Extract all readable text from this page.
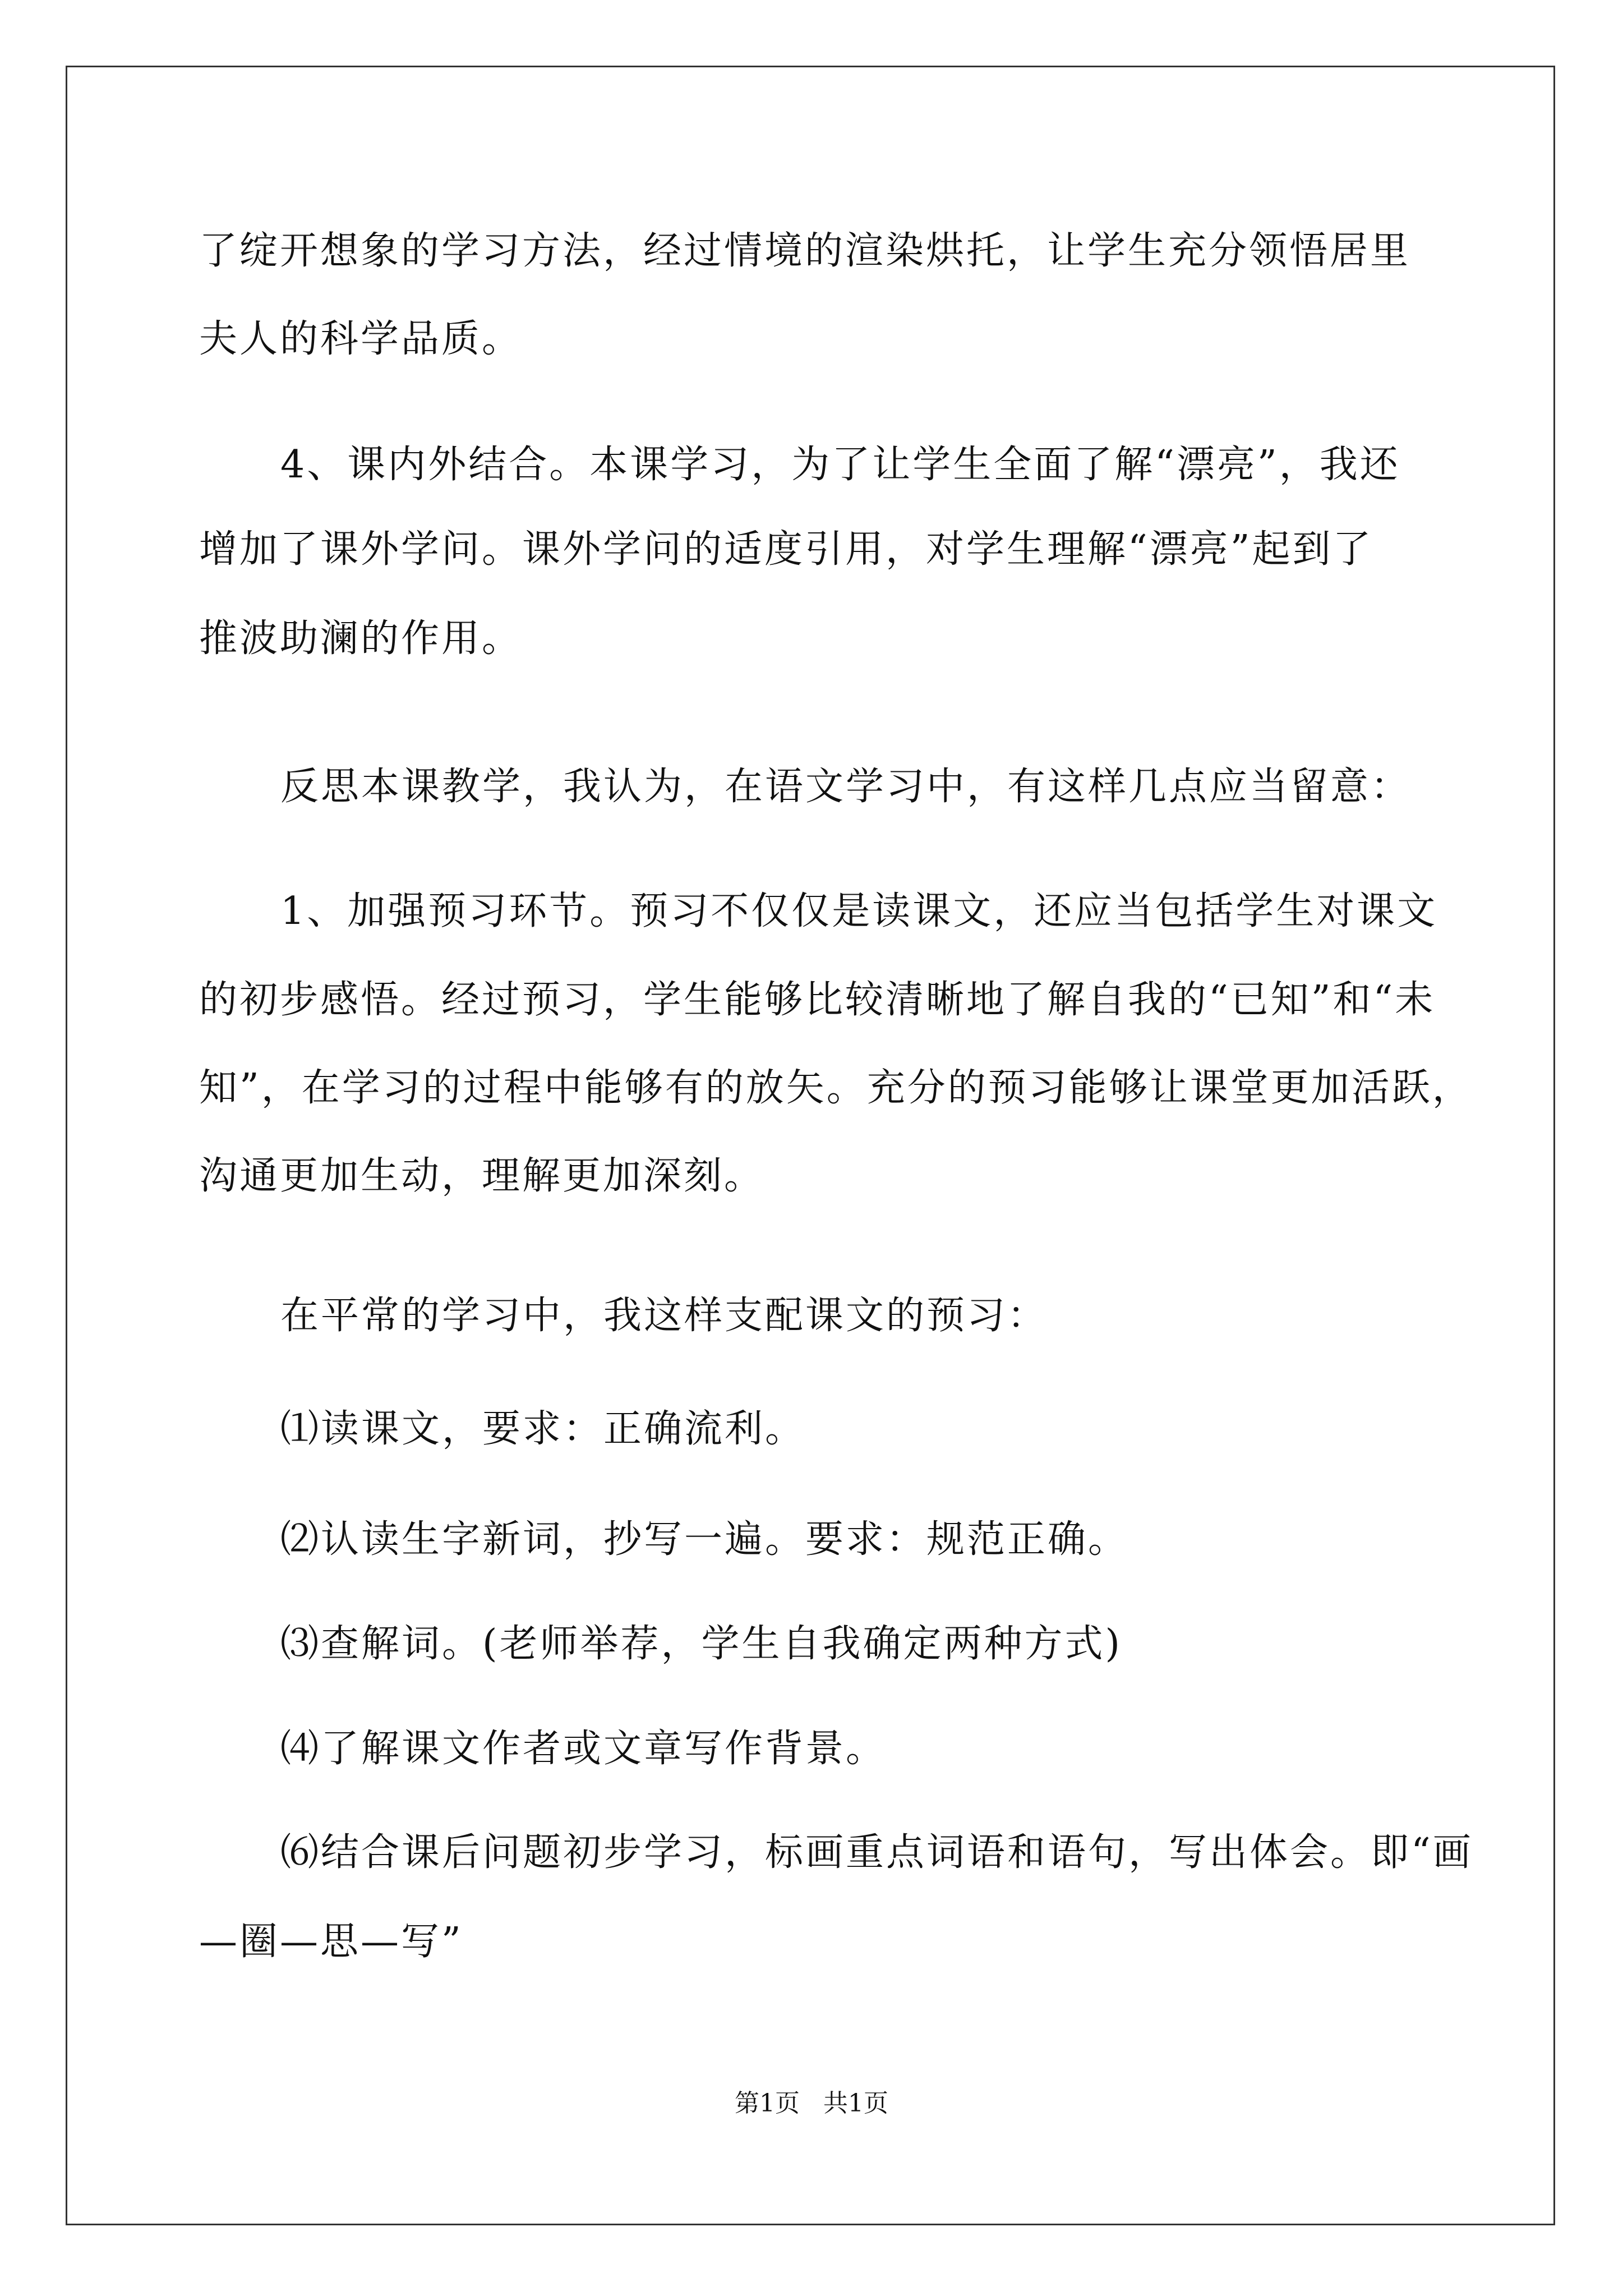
了绽开想象的学习方法，经过情境的渲染烘托，让学生充分领悟居里
夫人的科学品质。
4、课内外结合。本课学习，为了让学生全面了解“漂亮”，我还
增加了课外学问。课外学问的适度引用，对学生理解“漂亮”起到了
推波助澜的作用。
反思本课教学，我认为，在语文学习中，有这样几点应当留意：
1、加强预习环节。预习不仅仅是读课文，还应当包括学生对课文
的初步感悟。经过预习，学生能够比较清晰地了解自我的“已知”和“未
知”，在学习的过程中能够有的放矢。充分的预习能够让课堂更加活跃，
沟通更加生动，理解更加深刻。
在平常的学习中，我这样支配课文的预习：
⑴读课文，要求：正确流利。
⑵认读生字新词，抄写一遍。要求：规范正确。
⑶查解词。(老师举荐，学生自我确定两种方式)
⑷了解课文作者或文章写作背景。
⑹结合课后问题初步学习，标画重点词语和语句，写出体会。即“画
—圈—思—写”
第1页   共1页
